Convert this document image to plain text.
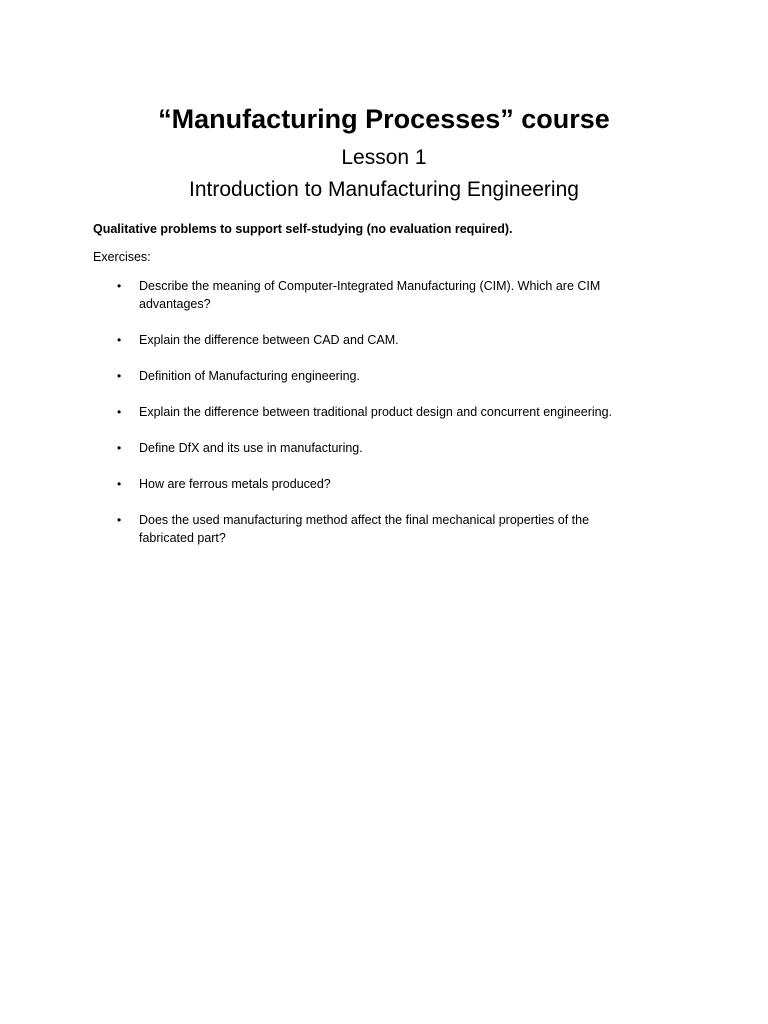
“Manufacturing Processes” course
Lesson 1
Introduction to Manufacturing Engineering

Qualitative problems to support self-studying (no evaluation required).

Exercises:

• Describe the meaning of Computer-Integrated Manufacturing (CIM). Which are CIM advantages?
• Explain the difference between CAD and CAM.
• Definition of Manufacturing engineering.
• Explain the difference between traditional product design and concurrent engineering.
• Define DfX and its use in manufacturing.
• How are ferrous metals produced?
• Does the used manufacturing method affect the final mechanical properties of the fabricated part?
